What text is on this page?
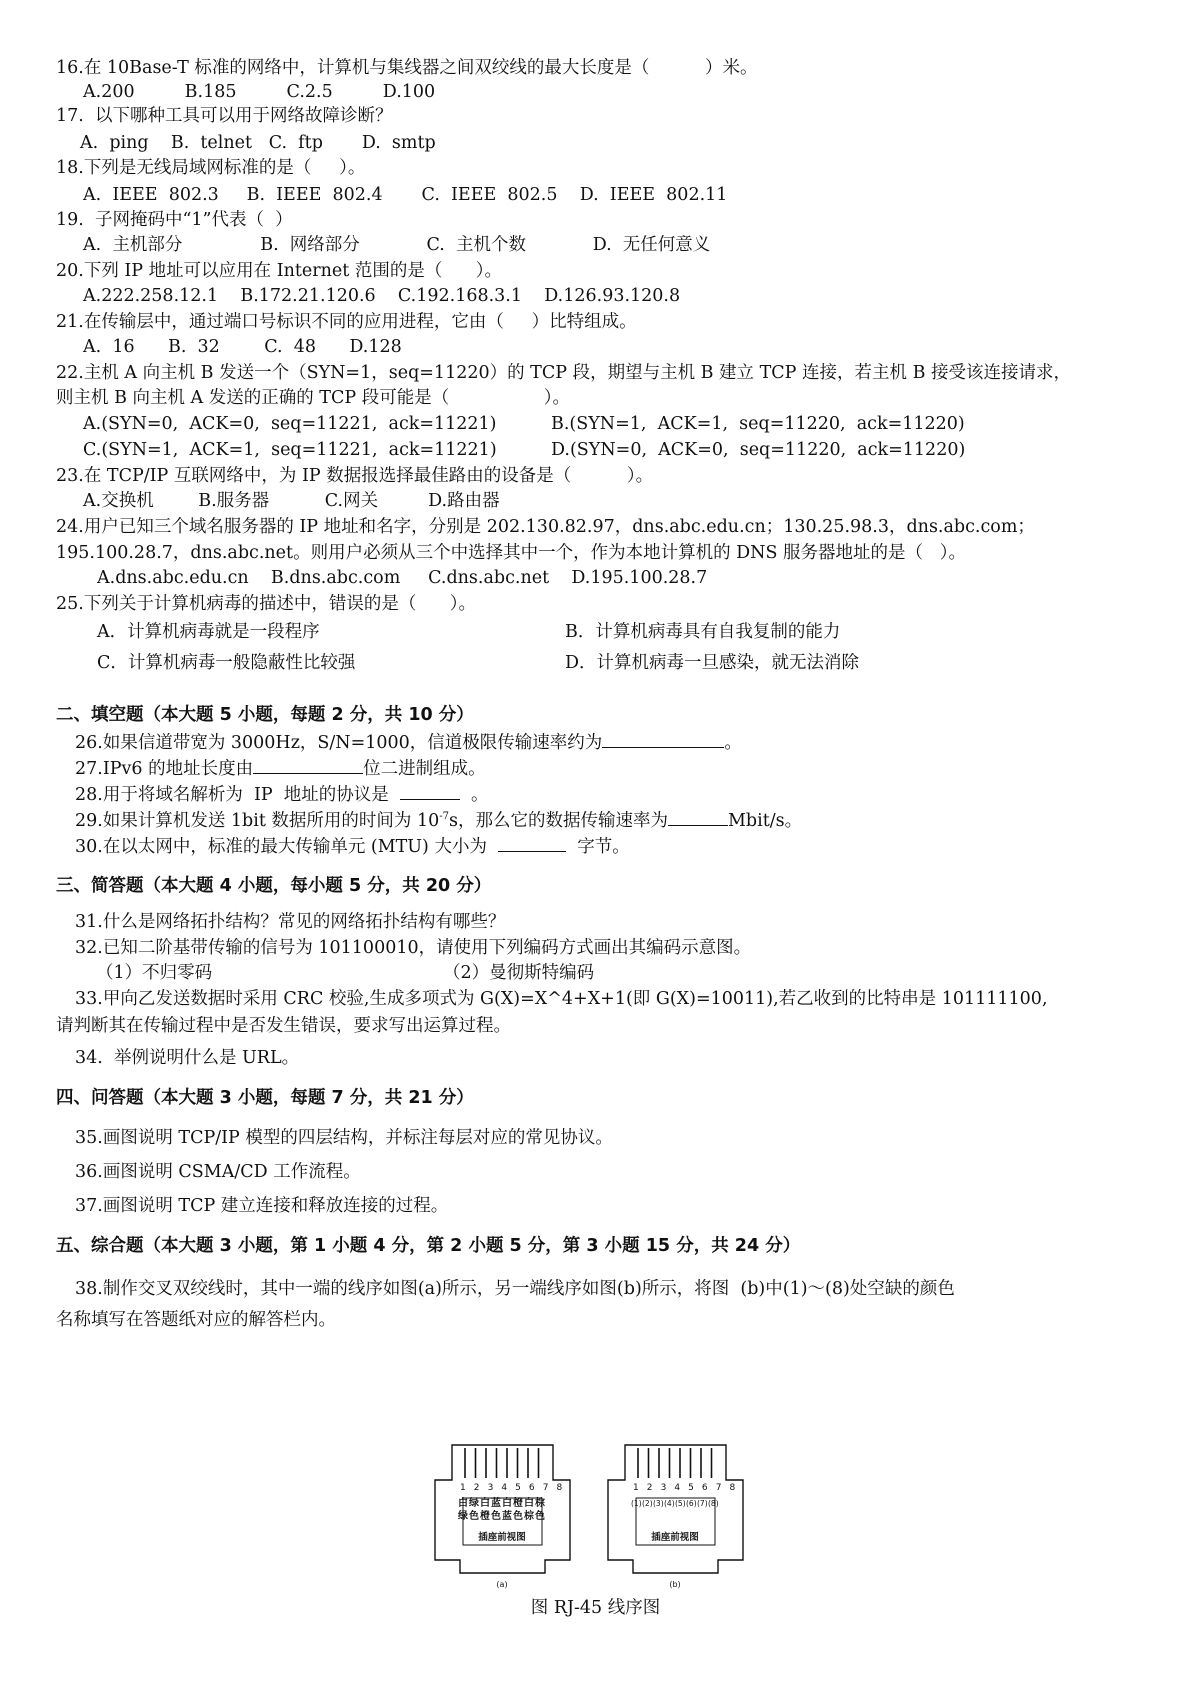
16.在 10Base-T 标准的网络中，计算机与集线器之间双绞线的最大长度是（          ）米。
A.200         B.185         C.2.5         D.100
17.  以下哪种工具可以用于网络故障诊断？
A.  ping    B.  telnet   C.  ftp       D.  smtp
18.下列是无线局域网标准的是（     ）。
A.  IEEE  802.3     B.  IEEE  802.4       C.  IEEE  802.5    D.  IEEE  802.11
19.  子网掩码中“1”代表（  ）
A.  主机部分              B.  网络部分            C.  主机个数            D.  无任何意义
20.下列 IP 地址可以应用在 Internet 范围的是（      ）。
A.222.258.12.1    B.172.21.120.6    C.192.168.3.1    D.126.93.120.8
21.在传输层中，通过端口号标识不同的应用进程，它由（     ）比特组成。
A.  16      B.  32        C.  48      D.128
22.主机 A 向主机 B 发送一个（SYN=1，seq=11220）的 TCP 段，期望与主机 B 建立 TCP 连接，若主机 B 接受该连接请求，
则主机 B 向主机 A 发送的正确的 TCP 段可能是（                 ）。
A.(SYN=0,  ACK=0,  seq=11221,  ack=11221)	B.(SYN=1,  ACK=1,  seq=11220,  ack=11220)
C.(SYN=1,  ACK=1,  seq=11221,  ack=11221)	D.(SYN=0,  ACK=0,  seq=11220,  ack=11220)
23.在 TCP/IP 互联网络中，为 IP 数据报选择最佳路由的设备是（          ）。
A.交换机        B.服务器          C.网关         D.路由器
24.用户已知三个域名服务器的 IP 地址和名字，分别是 202.130.82.97，dns.abc.edu.cn；130.25.98.3，dns.abc.com；
195.100.28.7，dns.abc.net。则用户必须从三个中选择其中一个，作为本地计算机的 DNS 服务器地址的是（   ）。
A.dns.abc.edu.cn    B.dns.abc.com     C.dns.abc.net    D.195.100.28.7
25.下列关于计算机病毒的描述中，错误的是（      ）。
A．计算机病毒就是一段程序	B．计算机病毒具有自我复制的能力
C．计算机病毒一般隐蔽性比较强	D．计算机病毒一旦感染，就无法消除
二、填空题（本大题 5 小题，每题 2 分，共 10 分）
26.如果信道带宽为 3000Hz，S/N=1000，信道极限传输速率约为	。
27.IPv6 的地址长度由	位二进制组成。
28.用于将域名解析为  IP  地址的协议是	。
29.如果计算机发送 1bit 数据所用的时间为 $10^{-7}s$，那么它的数据传输速率为	Mbit/s。
30.在以太网中，标准的最大传输单元 (MTU) 大小为	字节。
三、简答题（本大题 4 小题，每小题 5 分，共 20 分）
31.什么是网络拓扑结构？常见的网络拓扑结构有哪些？
32.已知二阶基带传输的信号为 101100010，请使用下列编码方式画出其编码示意图。
（1）不归零码	（2）曼彻斯特编码
33.甲向乙发送数据时采用 CRC 校验,生成多项式为 G(X)=X^4+X+1(即 G(X)=10011),若乙收到的比特串是 101111100,
请判断其在传输过程中是否发生错误，要求写出运算过程。
34.  举例说明什么是 URL。
四、问答题（本大题 3 小题，每题 7 分，共 21 分）
35.画图说明 TCP/IP 模型的四层结构，并标注每层对应的常见协议。
36.画图说明 CSMA/CD 工作流程。
37.画图说明 TCP 建立连接和释放连接的过程。
五、综合题（本大题 3 小题，第 1 小题 4 分，第 2 小题 5 分，第 3 小题 15 分，共 24 分）
38.制作交叉双绞线时，其中一端的线序如图(a)所示，另一端线序如图(b)所示，将图  (b)中(1)～(8)处空缺的颜色
名称填写在答题纸对应的解答栏内。
1 2 3 4 5 6 7 8
白绿白蓝白橙白棕
绿色橙色蓝色棕色
插座前视图
(a)
1 2 3 4 5 6 7 8
(1)(2)(3)(4)(5)(6)(7)(8)
插座前视图
(b)
图 RJ-45 线序图
